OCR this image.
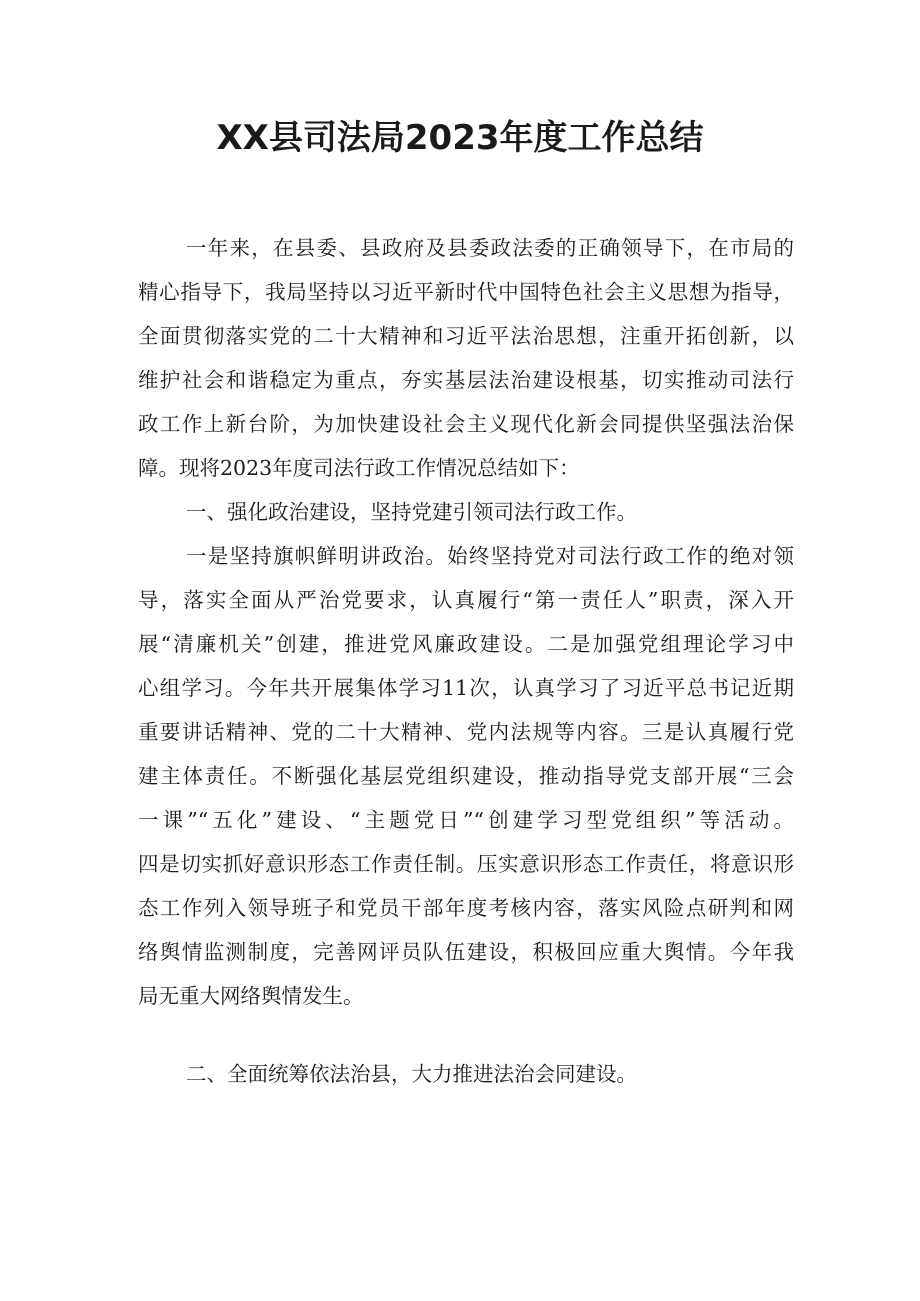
XX县司法局2023年度工作总结

一年来，在县委、县政府及县委政法委的正确领导下，在市局的

精心指导下，我局坚持以习近平新时代中国特色社会主义思想为指导，

全面贯彻落实党的二十大精神和习近平法治思想，注重开拓创新，以

维护社会和谐稳定为重点，夯实基层法治建设根基，切实推动司法行

政工作上新台阶，为加快建设社会主义现代化新会同提供坚强法治保

障。现将2023年度司法行政工作情况总结如下：

一、强化政治建设，坚持党建引领司法行政工作。

一是坚持旗帜鲜明讲政治。始终坚持党对司法行政工作的绝对领

导，落实全面从严治党要求，认真履行“第一责任人”职责，深入开

展“清廉机关”创建，推进党风廉政建设。二是加强党组理论学习中

心组学习。今年共开展集体学习11次，认真学习了习近平总书记近期

重要讲话精神、党的二十大精神、党内法规等内容。三是认真履行党

建主体责任。不断强化基层党组织建设，推动指导党支部开展“三会

一课”“五化”建设、“主题党日”“创建学习型党组织”等活动。

四是切实抓好意识形态工作责任制。压实意识形态工作责任，将意识形

态工作列入领导班子和党员干部年度考核内容，落实风险点研判和网

络舆情监测制度，完善网评员队伍建设，积极回应重大舆情。今年我

局无重大网络舆情发生。

二、全面统筹依法治县，大力推进法治会同建设。
